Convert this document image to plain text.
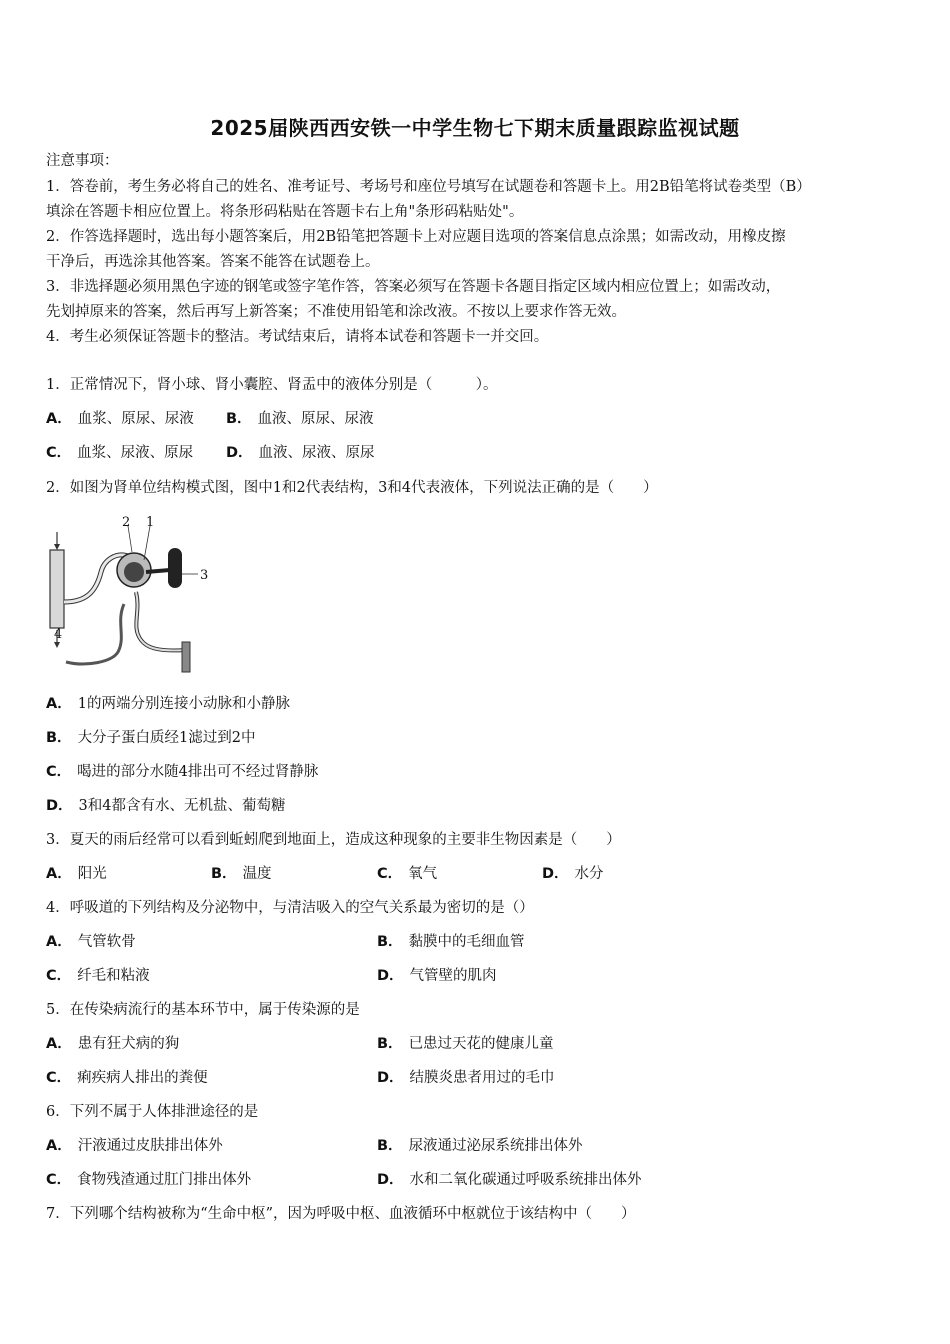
2025届陕西西安铁一中学生物七下期末质量跟踪监视试题
注意事项：
1．答卷前，考生务必将自己的姓名、准考证号、考场号和座位号填写在试题卷和答题卡上。用2B铅笔将试卷类型（B）
填涂在答题卡相应位置上。将条形码粘贴在答题卡右上角"条形码粘贴处"。
2．作答选择题时，选出每小题答案后，用2B铅笔把答题卡上对应题目选项的答案信息点涂黑；如需改动，用橡皮擦
干净后，再选涂其他答案。答案不能答在试题卷上。
3．非选择题必须用黑色字迹的钢笔或签字笔作答，答案必须写在答题卡各题目指定区域内相应位置上；如需改动，
先划掉原来的答案，然后再写上新答案；不准使用铅笔和涂改液。不按以上要求作答无效。
4．考生必须保证答题卡的整洁。考试结束后，请将本试卷和答题卡一并交回。
1．正常情况下，肾小球、肾小囊腔、肾盂中的液体分别是（　　　）。
A． 血浆、原尿、尿液 B． 血液、原尿、尿液
C． 血浆、尿液、原尿 D． 血液、尿液、原尿
2．如图为肾单位结构模式图，图中1和2代表结构，3和4代表液体，下列说法正确的是（　　）
2 1
3
4
A． 1的两端分别连接小动脉和小静脉
B． 大分子蛋白质经1滤过到2中
C． 喝进的部分水随4排出可不经过肾静脉
D． 3和4都含有水、无机盐、葡萄糖
3．夏天的雨后经常可以看到蚯蚓爬到地面上，造成这种现象的主要非生物因素是（　　）
A． 阳光	B． 温度	C． 氧气	D． 水分
4．呼吸道的下列结构及分泌物中，与清洁吸入的空气关系最为密切的是（）
A． 气管软骨	B． 黏膜中的毛细血管
C． 纤毛和粘液	D． 气管壁的肌肉
5．在传染病流行的基本环节中，属于传染源的是
A． 患有狂犬病的狗	B． 已患过天花的健康儿童
C． 痢疾病人排出的粪便	D． 结膜炎患者用过的毛巾
6．下列不属于人体排泄途径的是
A． 汗液通过皮肤排出体外	B． 尿液通过泌尿系统排出体外
C． 食物残渣通过肛门排出体外	D． 水和二氧化碳通过呼吸系统排出体外
7．下列哪个结构被称为“生命中枢”，因为呼吸中枢、血液循环中枢就位于该结构中（　　）
